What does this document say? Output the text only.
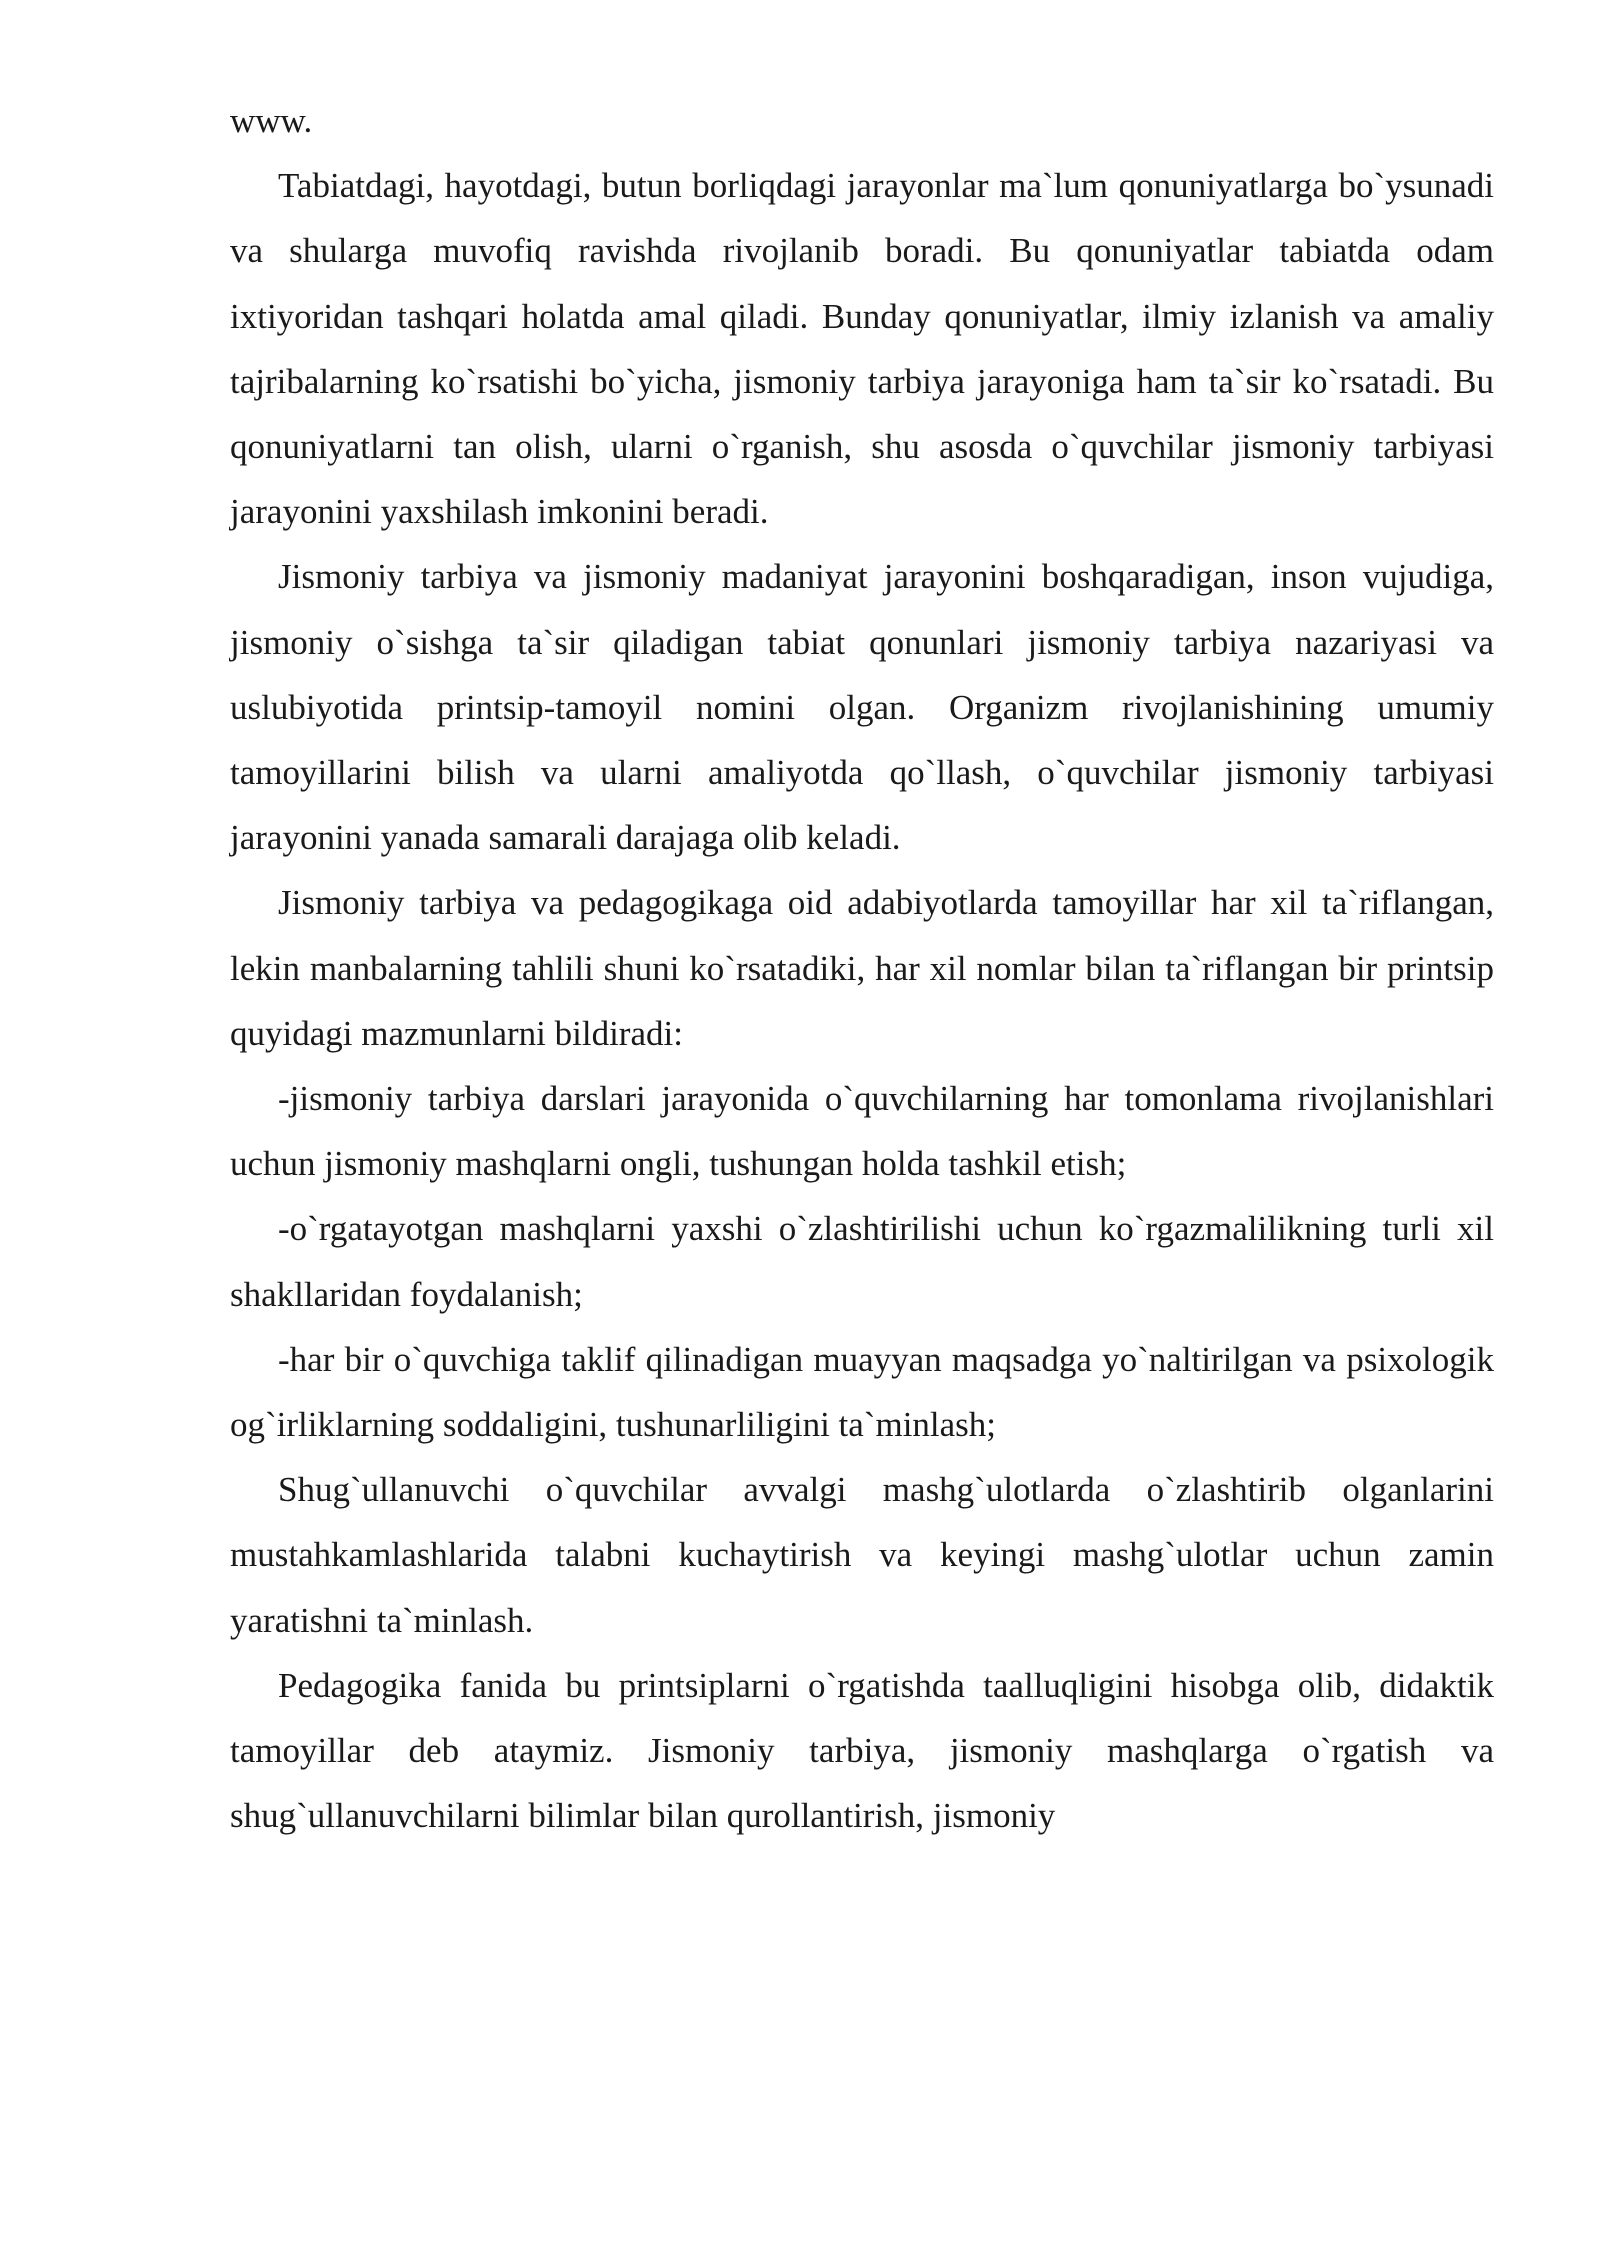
www.

Tabiatdagi, hayotdagi, butun borliqdagi jarayonlar ma`lum qonuniyatlarga bo`ysunadi va shularga muvofiq ravishda rivojlanib boradi. Bu qonuniyatlar tabiatda odam ixtiyoridan tashqari holatda amal qiladi. Bunday qonuniyatlar, ilmiy izlanish va amaliy tajribalarning ko`rsatishi bo`yicha, jismoniy tarbiya jarayoniga ham ta`sir ko`rsatadi. Bu qonuniyatlarni tan olish, ularni o`rganish, shu asosda o`quvchilar jismoniy tarbiyasi jarayonini yaxshilash imkonini beradi.

Jismoniy tarbiya va jismoniy madaniyat jarayonini boshqaradigan, inson vujudiga, jismoniy o`sishga ta`sir qiladigan tabiat qonunlari jismoniy tarbiya nazariyasi va uslubiyotida printsip-tamoyil nomini olgan. Organizm rivojlanishining umumiy tamoyillarini bilish va ularni amaliyotda qo`llash, o`quvchilar jismoniy tarbiyasi jarayonini yanada samarali darajaga olib keladi.

Jismoniy tarbiya va pedagogikaga oid adabiyotlarda tamoyillar har xil ta`riflangan, lekin manbalarning tahlili shuni ko`rsatadiki, har xil nomlar bilan ta`riflangan bir printsip quyidagi mazmunlarni bildiradi:

-jismoniy tarbiya darslari jarayonida o`quvchilarning har tomonlama rivojlanishlari uchun jismoniy mashqlarni ongli, tushungan holda tashkil etish;

-o`rgatayotgan mashqlarni yaxshi o`zlashtirilishi uchun ko`rgazmalilikning turli xil shakllaridan foydalanish;

-har bir o`quvchiga taklif qilinadigan muayyan maqsadga yo`naltirilgan va psixologik og`irliklarning soddaligini, tushunarliligini ta`minlash;

Shug`ullanuvchi o`quvchilar avvalgi mashg`ulotlarda o`zlashtirib olganlarini mustahkamlashlarida talabni kuchaytirish va keyingi mashg`ulotlar uchun zamin yaratishni ta`minlash.

Pedagogika fanida bu printsiplarni o`rgatishda taalluqligini hisobga olib, didaktik tamoyillar deb ataymiz. Jismoniy tarbiya, jismoniy mashqlarga o`rgatish va shug`ullanuvchilarni bilimlar bilan qurollantirish, jismoniy
